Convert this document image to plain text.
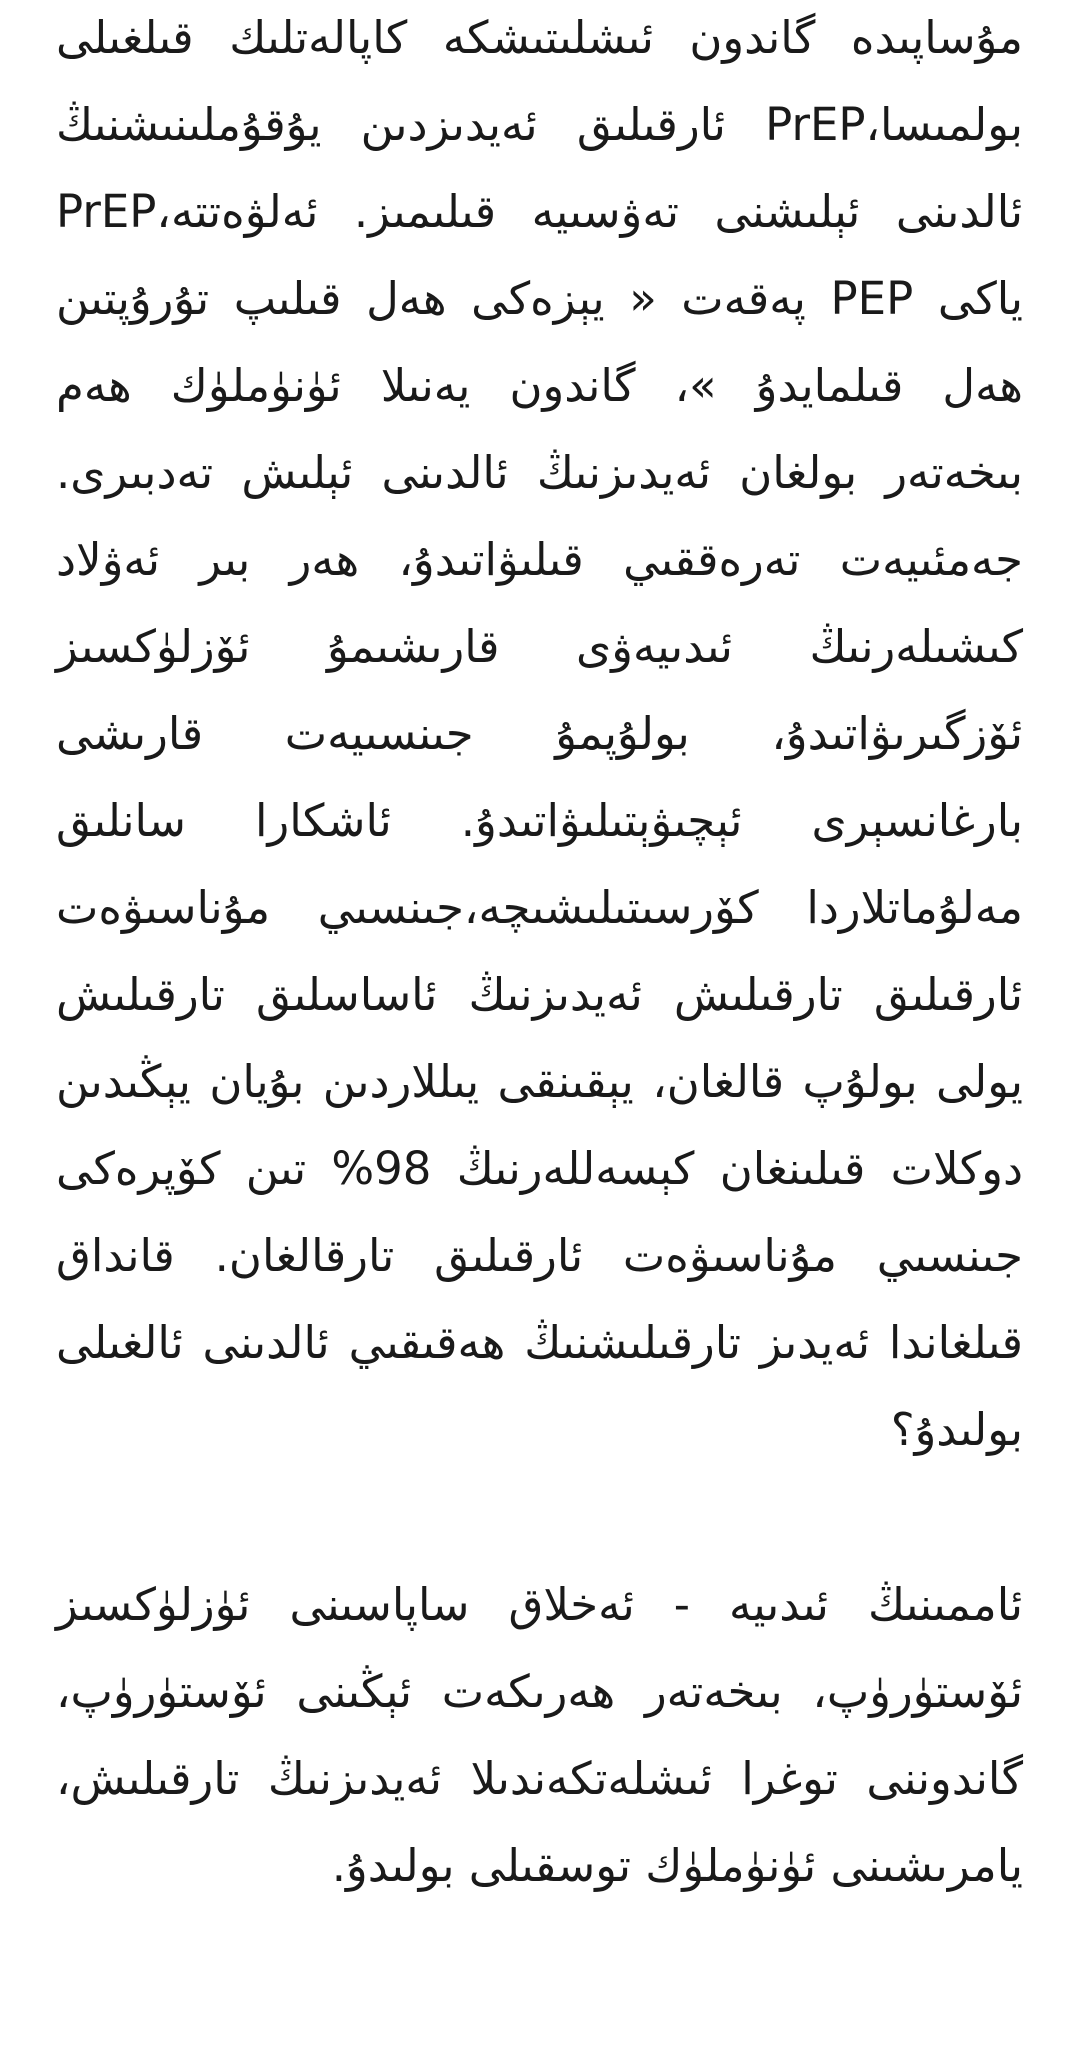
مۇساپىدە گاندون ئىشلىتىشكە كاپالەتلىك قىلغىلى بولمىسا،PrEP ئارقىلىق ئەيدىزدىن يۇقۇملىنىشنىڭ ئالدىنى ئېلىشنى تەۋسىيە قىلىمىز. ئەلۋەتتە،PrEP ياكى PEP پەقەت « يېزەكى ھەل قىلىپ تۇرۇپتىن ھەل قىلمايدۇ »، گاندون يەنىلا ئۈنۈملۈك ھەم بىخەتەر بولغان ئەيدىزنىڭ ئالدىنى ئېلىش تەدبىرى. جەمئىيەت تەرەققىي قىلىۋاتىدۇ، ھەر بىر ئەۋلاد كىشىلەرنىڭ ئىدىيەۋى قارىشىمۇ ئۆزلۈكسىز ئۆزگىرىۋاتىدۇ، بولۇپمۇ جىنسىيەت قارىشى بارغانسېرى ئېچىۋېتىلىۋاتىدۇ. ئاشكارا سانلىق مەلۇماتلاردا كۆرسىتىلىشىچە،جىنسىي مۇناسىۋەت ئارقىلىق تارقىلىش ئەيدىزنىڭ ئاساسلىق تارقىلىش يولى بولۇپ قالغان، يېقىنقى يىللاردىن بۇيان يېڭىدىن دوكلات قىلىنغان كېسەللەرنىڭ 98% تىن كۆپرەكى جىنسىي مۇناسىۋەت ئارقىلىق تارقالغان. قانداق قىلغاندا ئەيدىز تارقىلىشنىڭ ھەقىقىي ئالدىنى ئالغىلى بولىدۇ؟

ئاممىنىڭ ئىدىيە - ئەخلاق ساپاسىنى ئۈزلۈكسىز ئۆستۈرۈپ، بىخەتەر ھەرىكەت ئېڭىنى ئۆستۈرۈپ، گاندوننى توغرا ئىشلەتكەندىلا ئەيدىزنىڭ تارقىلىش، يامرىشىنى ئۈنۈملۈك توسقىلى بولىدۇ.
